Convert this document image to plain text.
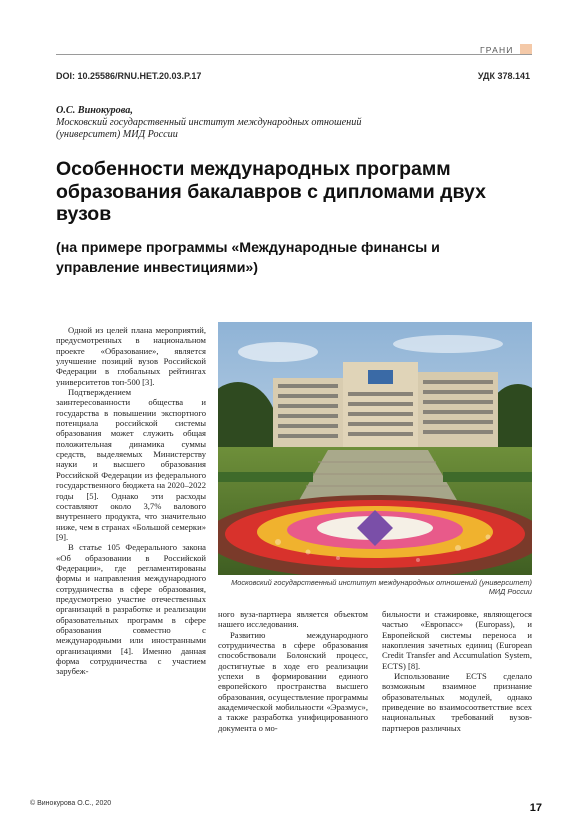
ГРАНИ
DOI: 10.25586/RNU.HET.20.03.P.17	УДК 378.141
О.С. Винокурова,
Московский государственный институт международных отношений (университет) МИД России
Особенности международных программ образования бакалавров с дипломами двух вузов
(на примере программы «Международные финансы и управление инвестициями»)

Одной из целей плана мероприятий, предусмотренных в национальном проекте «Образование», является улучшение позиций вузов Российской Федерации в глобальных рейтингах университетов топ-500 [3].

Подтверждением заинтересованности общества и государства в повышении экспортного потенциала российской системы образования может служить общая положительная динамика суммы средств, выделяемых Министерству науки и высшего образования Российской Федерации из федерального государственного бюджета на 2020–2022 годы [5]. Однако эти расходы составляют около 3,7% валового внутреннего продукта, что значительно ниже, чем в странах «Большой семерки» [9].

В статье 105 Федерального закона «Об образовании в Российской Федерации», где регламентированы формы и направления международного сотрудничества в сфере образования, предусмотрено участие отечественных организаций в разработке и реализации образовательных программ в сфере образования совместно с международными или иностранными организациями [4]. Именно данная форма сотрудничества с участием зарубеж-

Московский государственный институт международных отношений (университет) МИД России

ного вуза-партнера является объектом нашего исследования.

Развитию международного сотрудничества в сфере образования способствовали Болонский процесс, достигнутые в ходе его реализации успехи в формировании единого европейского пространства высшего образования, осуществление программы академической мобильности «Эразмус», а также разработка унифицированного документа о мо-

бильности и стажировке, являющегося частью «Европасс» (Europass), и Европейской системы переноса и накопления зачетных единиц (European Credit Transfer and Accumulation System, ECTS) [8].

Использование ECTS сделало возможным взаимное признание образовательных модулей, однако приведение во взаимосоответствие всех национальных требований вузов-партнеров различных

© Винокурова О.С., 2020	17
